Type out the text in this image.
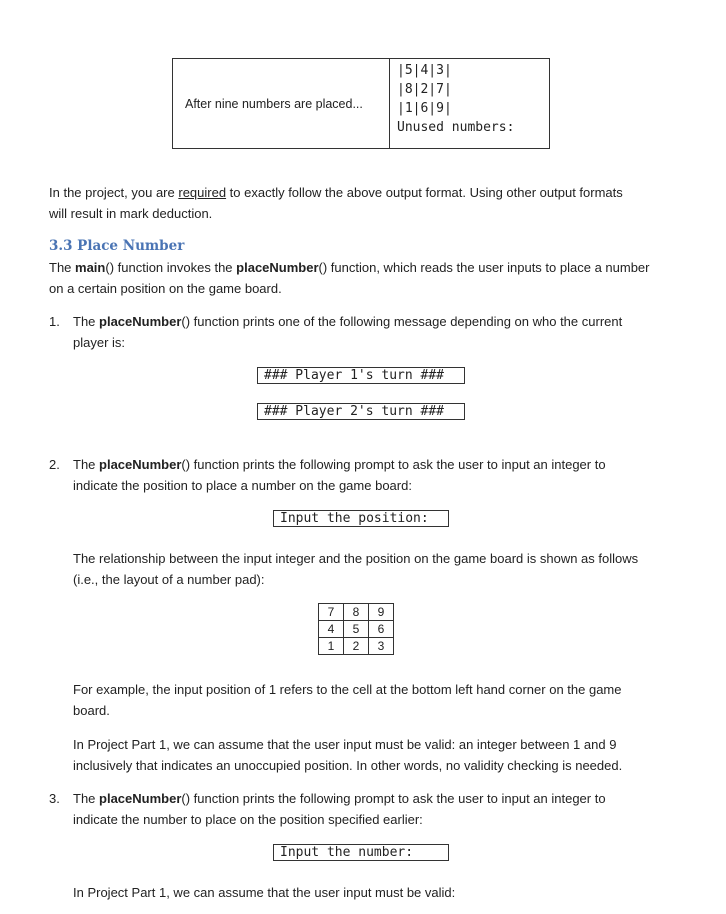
After nine numbers are placed...
|5|4|3|
|8|2|7|
|1|6|9|
Unused numbers:
In the project, you are required to exactly follow the above output format. Using other output formats
will result in mark deduction.
3.3 Place Number
The main() function invokes the placeNumber() function, which reads the user inputs to place a number
on a certain position on the game board.
1. The placeNumber() function prints one of the following message depending on who the current
player is:
### Player 1's turn ###
### Player 2's turn ###
2. The placeNumber() function prints the following prompt to ask the user to input an integer to
indicate the position to place a number on the game board:
Input the position:
The relationship between the input integer and the position on the game board is shown as follows
(i.e., the layout of a number pad):
7	8	9
4	5	6
1	2	3
For example, the input position of 1 refers to the cell at the bottom left hand corner on the game
board.
In Project Part 1, we can assume that the user input must be valid: an integer between 1 and 9
inclusively that indicates an unoccupied position. In other words, no validity checking is needed.
3. The placeNumber() function prints the following prompt to ask the user to input an integer to
indicate the number to place on the position specified earlier:
Input the number:
In Project Part 1, we can assume that the user input must be valid:
